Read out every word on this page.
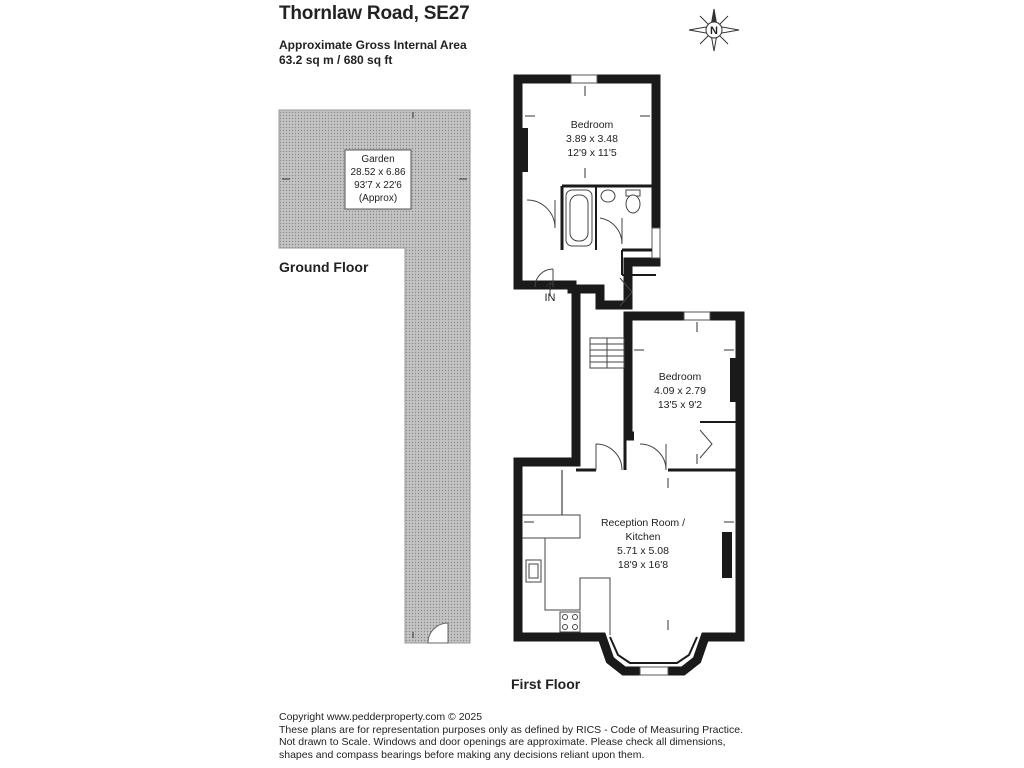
Thornlaw Road, SE27
Approximate Gross Internal Area
63.2 sq m / 680 sq ft
Garden
28.52 x 6.86
93'7 x 22'6
(Approx)
IN
Bedroom
3.89 x 3.48
12'9 x 11'5
Bedroom
4.09 x 2.79
13'5 x 9'2
Reception Room /
Kitchen
5.71 x 5.08
18'9 x 16'8
Ground Floor
First Floor
N
Copyright www.pedderproperty.com © 2025
These plans are for representation purposes only as defined by RICS - Code of Measuring Practice.
Not drawn to Scale. Windows and door openings are approximate. Please check all dimensions,
shapes and compass bearings before making any decisions reliant upon them.
